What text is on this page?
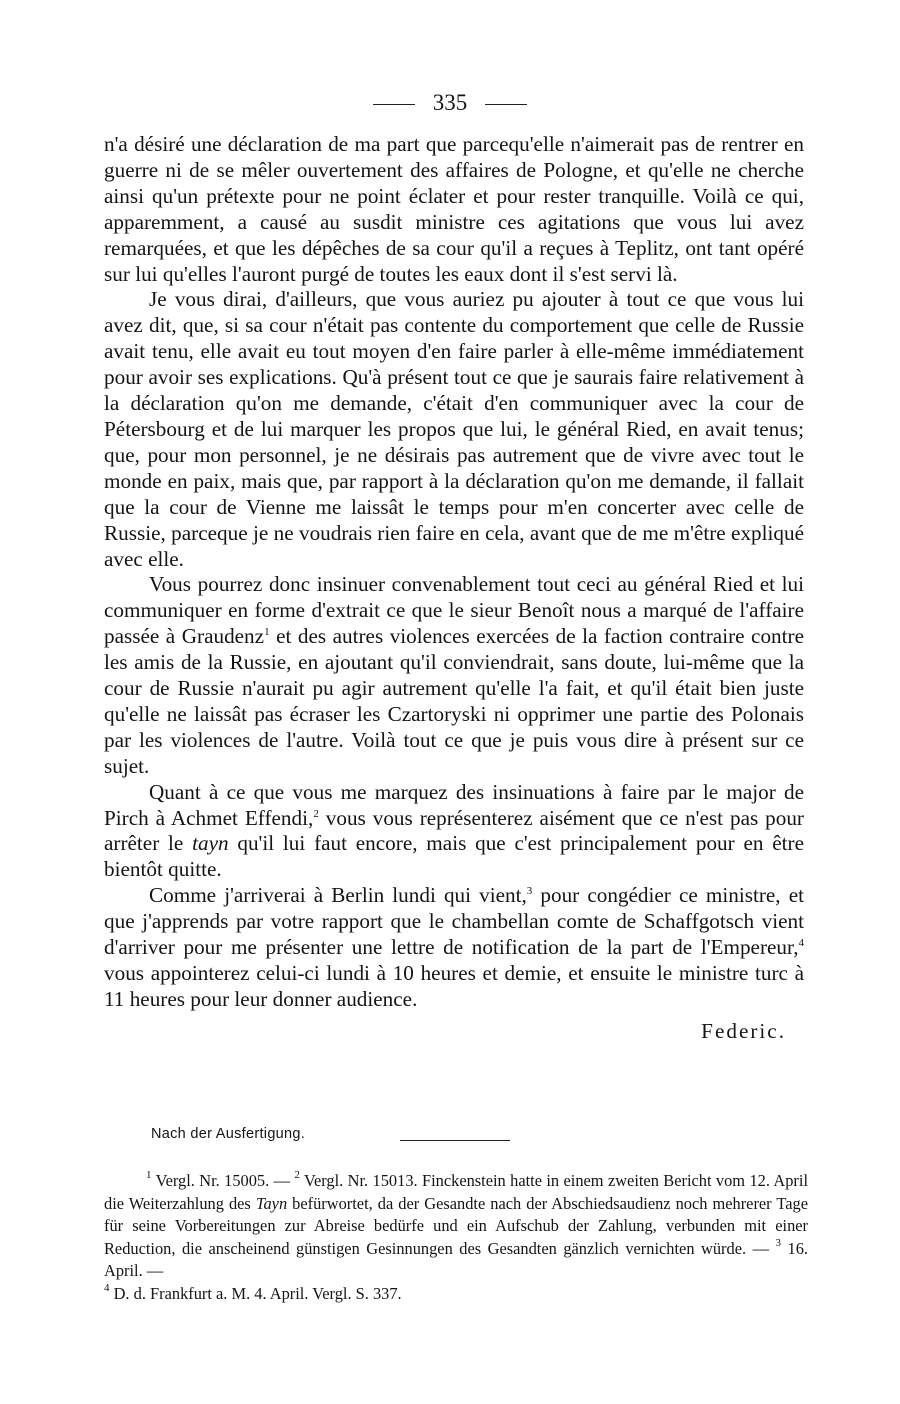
335

n'a désiré une déclaration de ma part que parcequ'elle n'aimerait pas de rentrer en guerre ni de se mêler ouvertement des affaires de Pologne, et qu'elle ne cherche ainsi qu'un prétexte pour ne point éclater et pour rester tranquille. Voilà ce qui, apparemment, a causé au susdit ministre ces agitations que vous lui avez remarquées, et que les dépêches de sa cour qu'il a reçues à Teplitz, ont tant opéré sur lui qu'elles l'auront purgé de toutes les eaux dont il s'est servi là.

Je vous dirai, d'ailleurs, que vous auriez pu ajouter à tout ce que vous lui avez dit, que, si sa cour n'était pas contente du comportement que celle de Russie avait tenu, elle avait eu tout moyen d'en faire parler à elle-même immédiatement pour avoir ses explications. Qu'à présent tout ce que je saurais faire relativement à la déclaration qu'on me demande, c'était d'en communiquer avec la cour de Pétersbourg et de lui marquer les propos que lui, le général Ried, en avait tenus; que, pour mon personnel, je ne désirais pas autrement que de vivre avec tout le monde en paix, mais que, par rapport à la déclaration qu'on me demande, il fallait que la cour de Vienne me laissât le temps pour m'en concerter avec celle de Russie, parceque je ne voudrais rien faire en cela, avant que de me m'être expliqué avec elle.

Vous pourrez donc insinuer convenablement tout ceci au général Ried et lui communiquer en forme d'extrait ce que le sieur Benoît nous a marqué de l'affaire passée à Graudenz$^1$ et des autres violences exercées de la faction contraire contre les amis de la Russie, en ajoutant qu'il conviendrait, sans doute, lui-même que la cour de Russie n'aurait pu agir autrement qu'elle l'a fait, et qu'il était bien juste qu'elle ne laissât pas écraser les Czartoryski ni opprimer une partie des Polonais par les violences de l'autre. Voilà tout ce que je puis vous dire à présent sur ce sujet.

Quant à ce que vous me marquez des insinuations à faire par le major de Pirch à Achmet Effendi,$^2$ vous vous représenterez aisément que ce n'est pas pour arrêter le tayn qu'il lui faut encore, mais que c'est principalement pour en être bientôt quitte.

Comme j'arriverai à Berlin lundi qui vient,$^3$ pour congédier ce ministre, et que j'apprends par votre rapport que le chambellan comte de Schaffgotsch vient d'arriver pour me présenter une lettre de notification de la part de l'Empereur,$^4$ vous appointerez celui-ci lundi à 10 heures et demie, et ensuite le ministre turc à 11 heures pour leur donner audience.

Federic.
Nach der Ausfertigung.

$^1$ Vergl. Nr. 15005. — $^2$ Vergl. Nr. 15013. Finckenstein hatte in einem zweiten Bericht vom 12. April die Weiterzahlung des Tayn befürwortet, da der Gesandte nach der Abschiedsaudienz noch mehrerer Tage für seine Vorbereitungen zur Abreise bedürfe und ein Aufschub der Zahlung, verbunden mit einer Reduction, die anscheinend günstigen Gesinnungen des Gesandten gänzlich vernichten würde. — $^3$ 16. April. —
$^4$ D. d. Frankfurt a. M. 4. April. Vergl. S. 337.
